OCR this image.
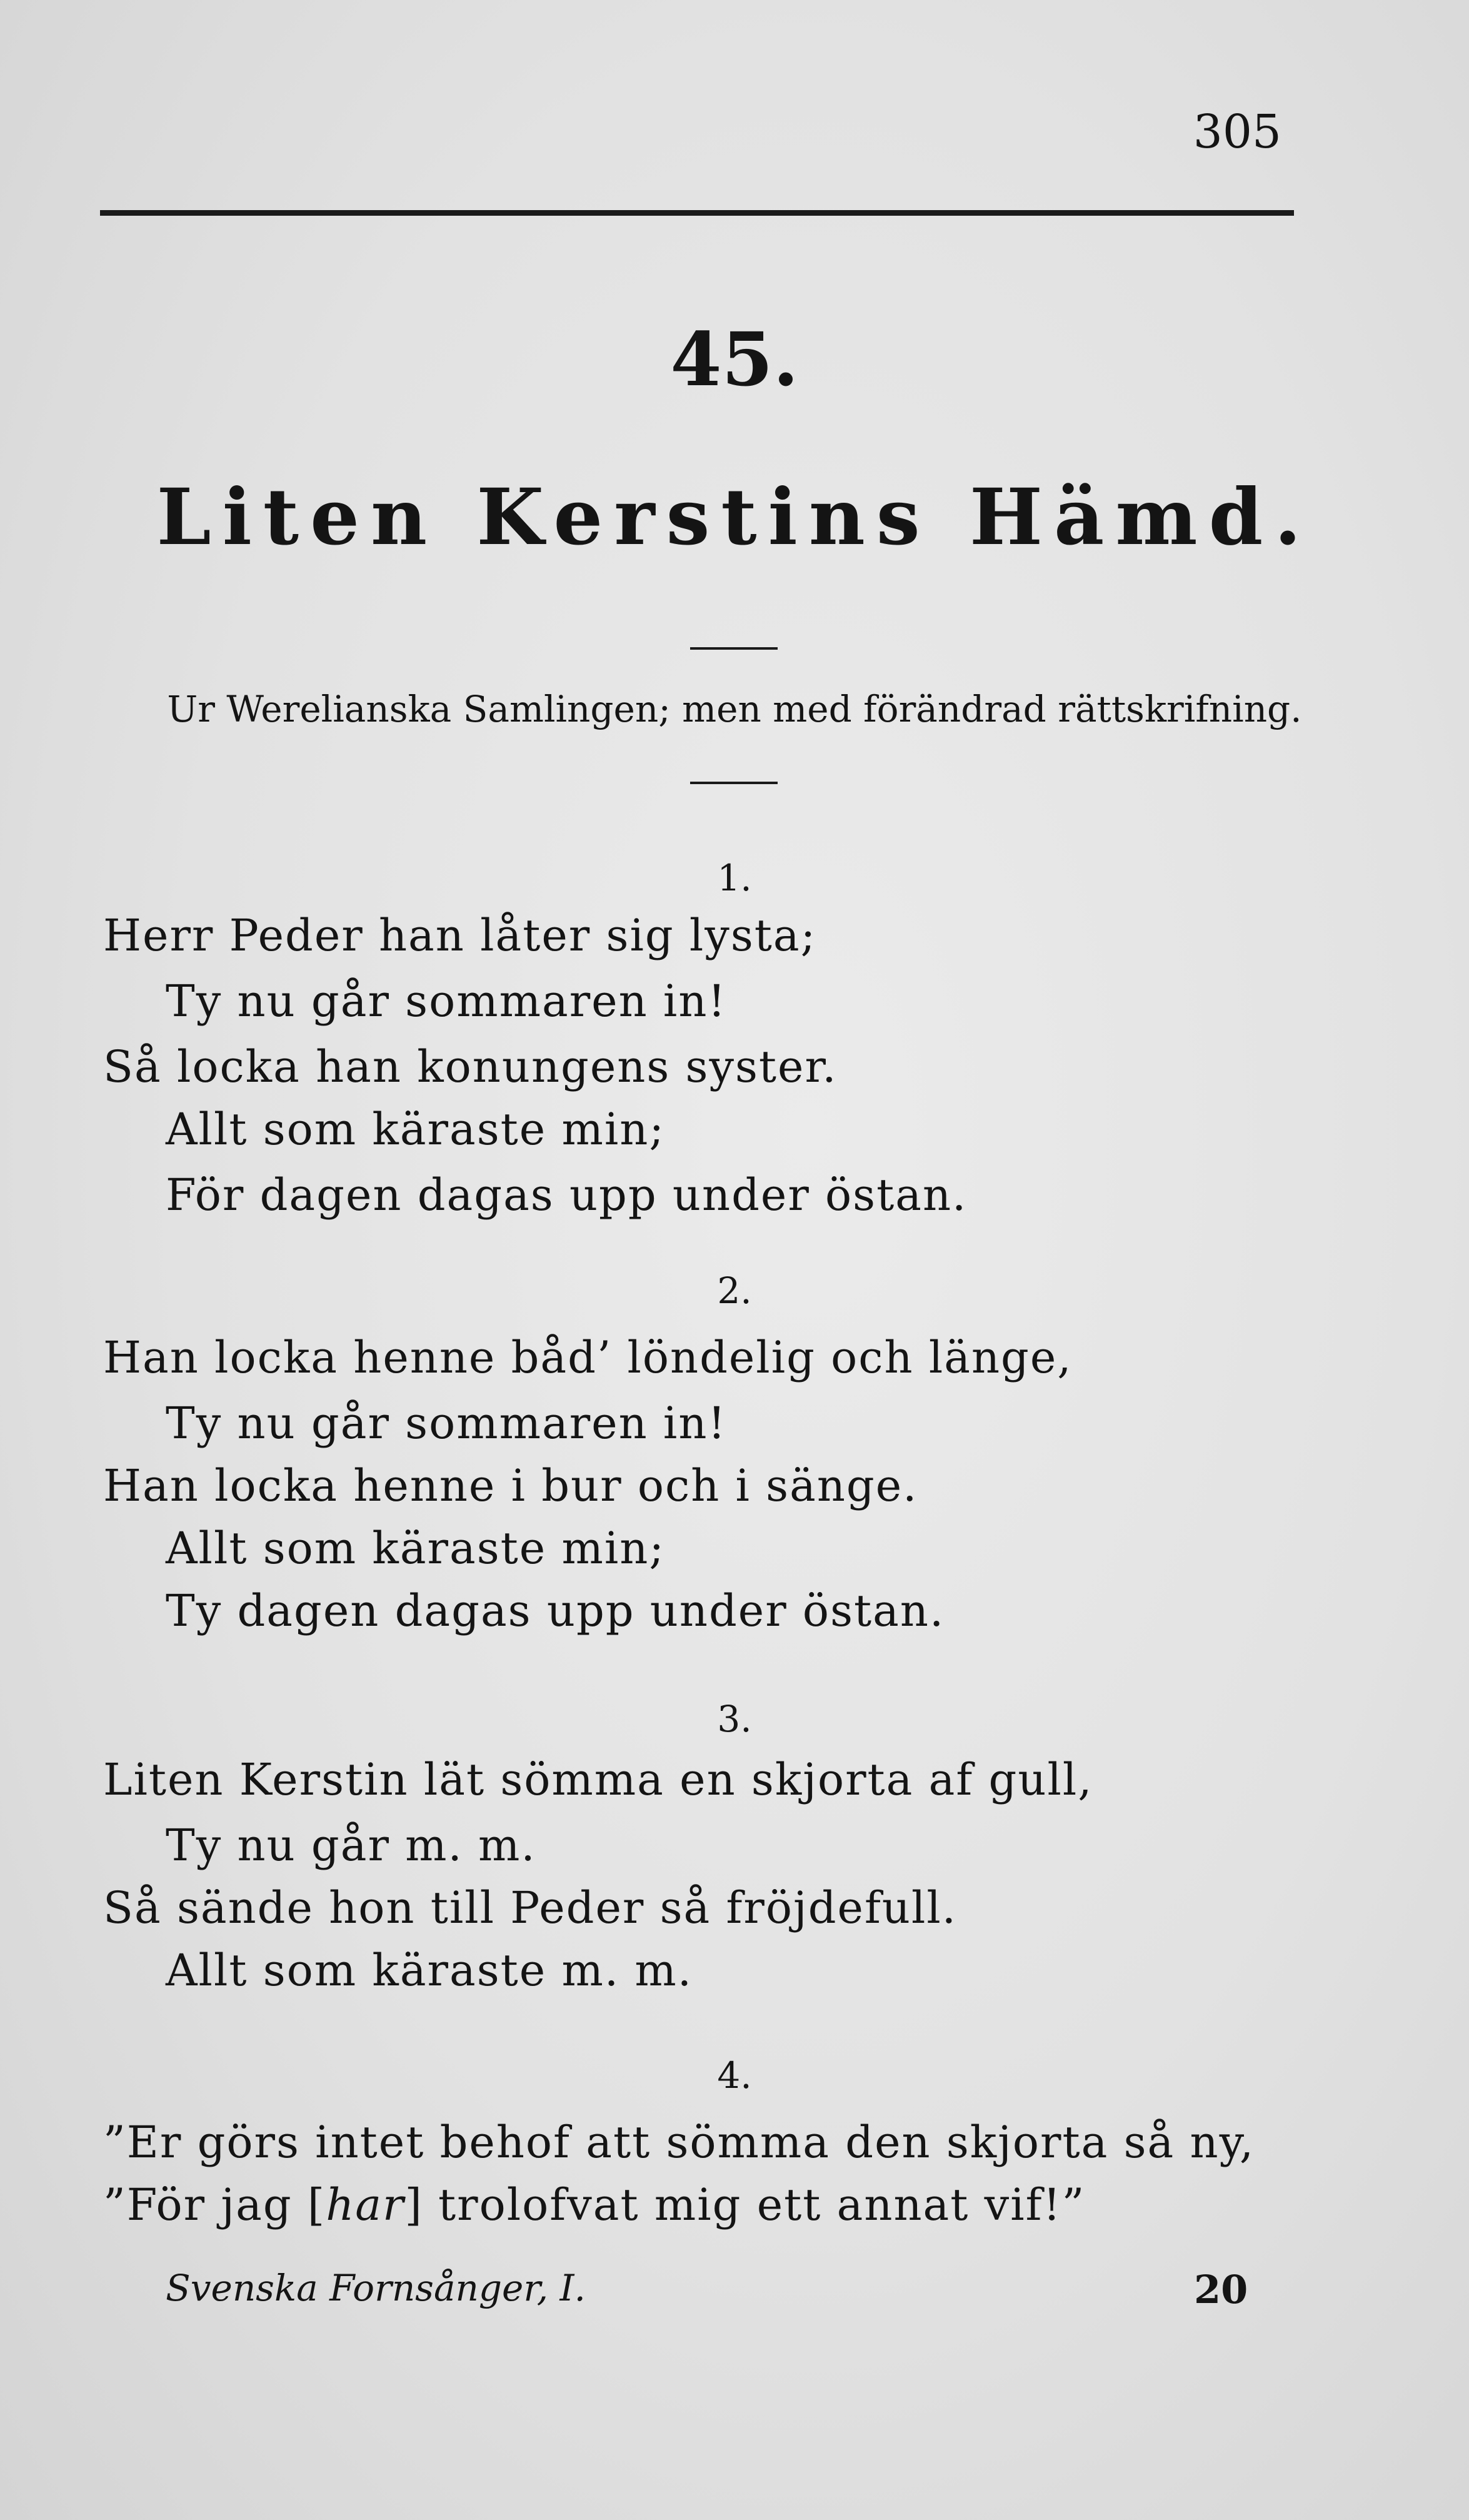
305
45.
Liten Kerstins Hämd.
Ur Werelianska Samlingen; men med förändrad rättskrifning.
1.
Herr Peder han låter sig lysta;
Ty nu går sommaren in!
Så locka han konungens syster.
Allt som käraste min;
För dagen dagas upp under östan.
2.
Han locka henne båd’ löndelig och länge,
Ty nu går sommaren in!
Han locka henne i bur och i sänge.
Allt som käraste min;
Ty dagen dagas upp under östan.
3.
Liten Kerstin lät sömma en skjorta af gull,
Ty nu går m. m.
Så sände hon till Peder så fröjdefull.
Allt som käraste m. m.
4.
”Er görs intet behof att sömma den skjorta så ny,
”För jag [har] trolofvat mig ett annat vif!”
Svenska Fornsånger, I.	20
